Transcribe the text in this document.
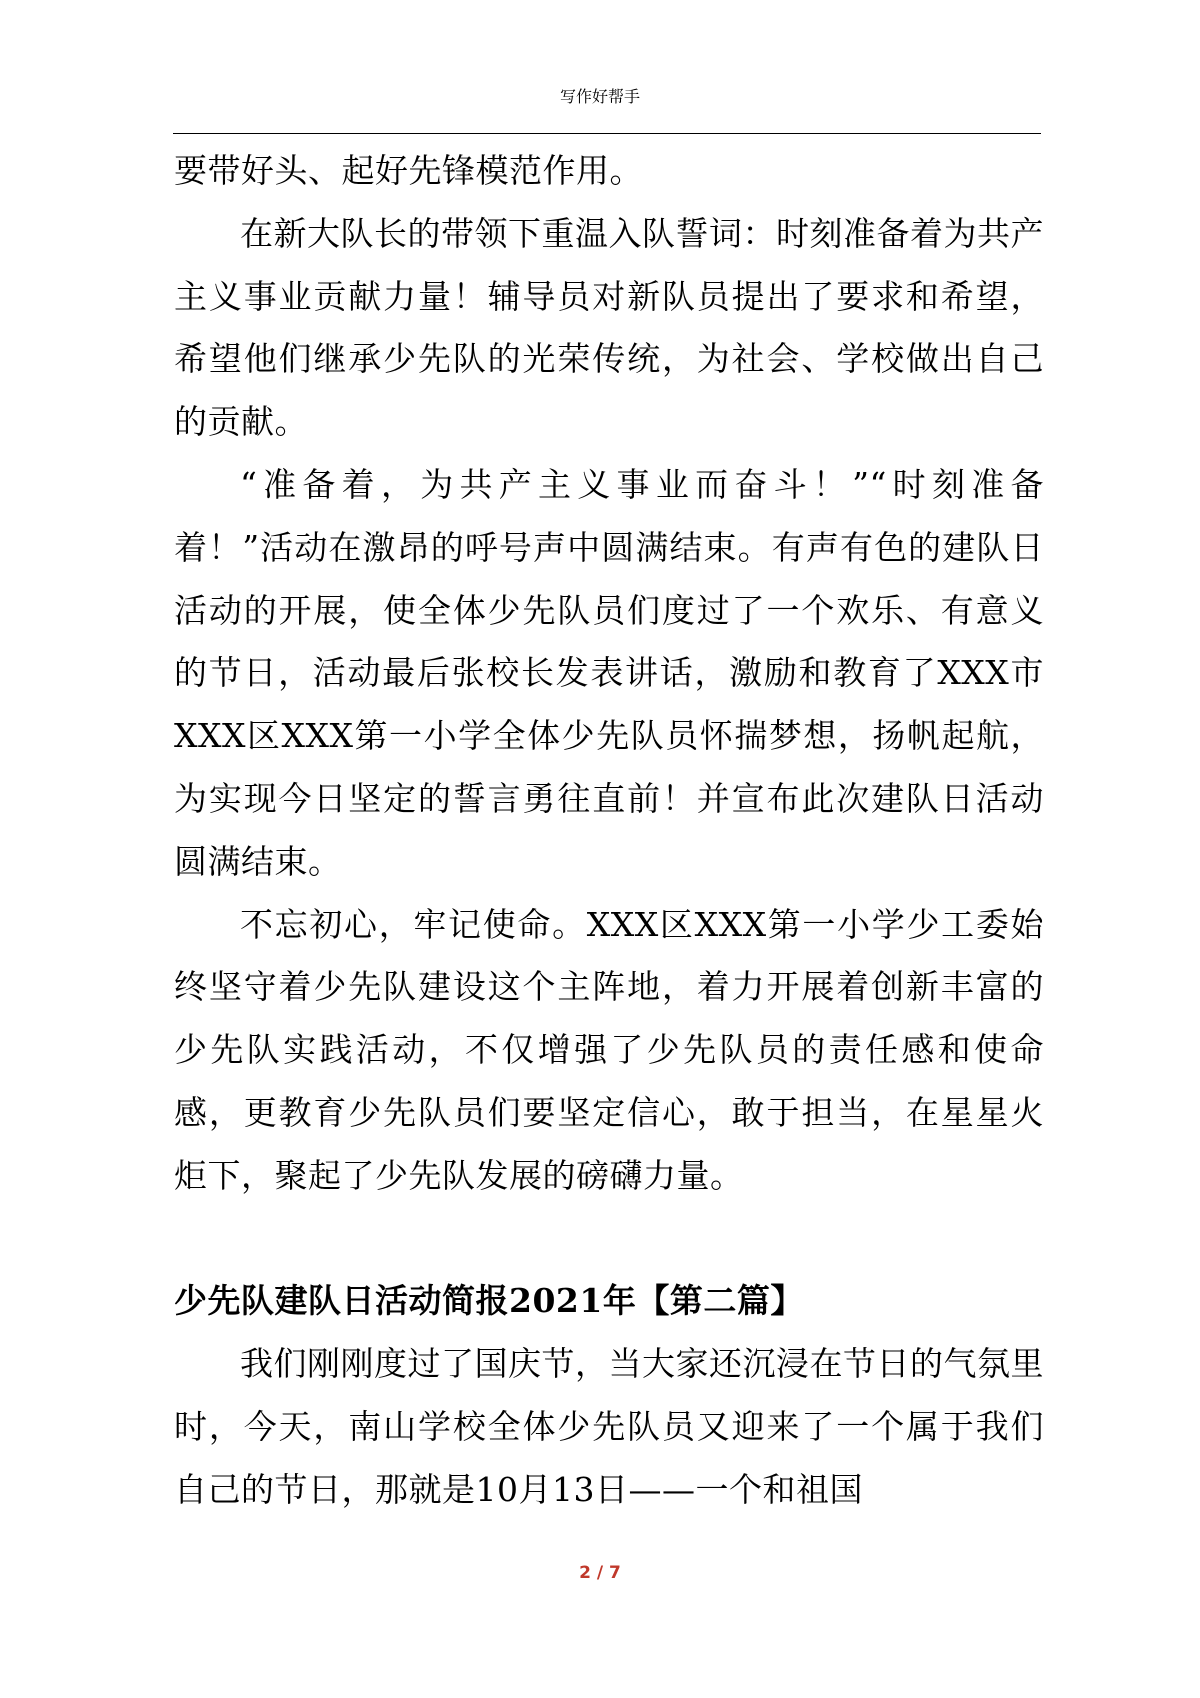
写作好帮手

要带好头、起好先锋模范作用。

在新大队长的带领下重温入队誓词：时刻准备着为共产主义事业贡献力量！辅导员对新队员提出了要求和希望，希望他们继承少先队的光荣传统，为社会、学校做出自己的贡献。

“准备着，为共产主义事业而奋斗！”“时刻准备着！”活动在激昂的呼号声中圆满结束。有声有色的建队日活动的开展，使全体少先队员们度过了一个欢乐、有意义的节日，活动最后张校长发表讲话，激励和教育了XXX市XXX区XXX第一小学全体少先队员怀揣梦想，扬帆起航，为实现今日坚定的誓言勇往直前！并宣布此次建队日活动圆满结束。

不忘初心，牢记使命。XXX区XXX第一小学少工委始终坚守着少先队建设这个主阵地，着力开展着创新丰富的少先队实践活动，不仅增强了少先队员的责任感和使命感，更教育少先队员们要坚定信心，敢于担当，在星星火炬下，聚起了少先队发展的磅礴力量。

少先队建队日活动简报2021年【第二篇】

我们刚刚度过了国庆节，当大家还沉浸在节日的气氛里时，今天，南山学校全体少先队员又迎来了一个属于我们自己的节日，那就是10月13日——一个和祖国

2 / 7
